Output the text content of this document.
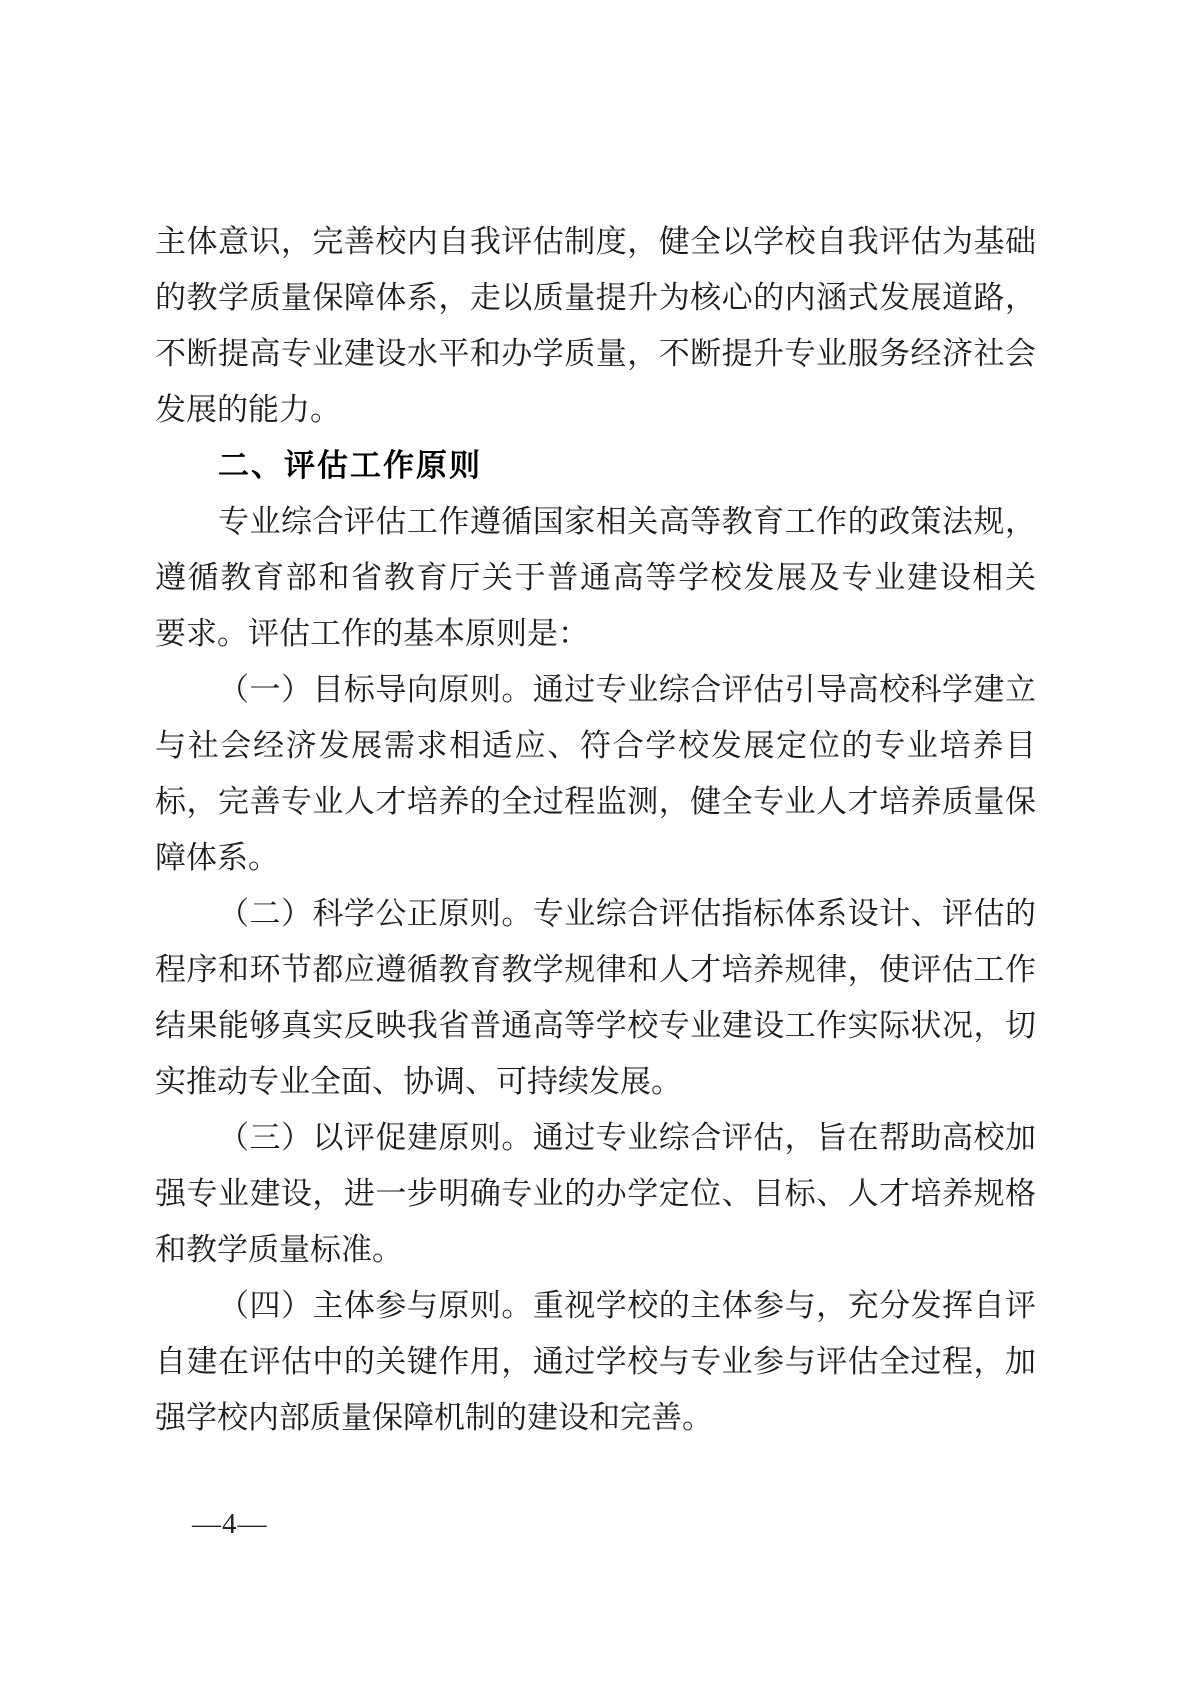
主体意识，完善校内自我评估制度，健全以学校自我评估为基础
的教学质量保障体系，走以质量提升为核心的内涵式发展道路，
不断提高专业建设水平和办学质量，不断提升专业服务经济社会
发展的能力。
二、评估工作原则
专业综合评估工作遵循国家相关高等教育工作的政策法规，
遵循教育部和省教育厅关于普通高等学校发展及专业建设相关
要求。评估工作的基本原则是：
（一）目标导向原则。通过专业综合评估引导高校科学建立
与社会经济发展需求相适应、符合学校发展定位的专业培养目
标，完善专业人才培养的全过程监测，健全专业人才培养质量保
障体系。
（二）科学公正原则。专业综合评估指标体系设计、评估的
程序和环节都应遵循教育教学规律和人才培养规律，使评估工作
结果能够真实反映我省普通高等学校专业建设工作实际状况，切
实推动专业全面、协调、可持续发展。
（三）以评促建原则。通过专业综合评估，旨在帮助高校加
强专业建设，进一步明确专业的办学定位、目标、人才培养规格
和教学质量标准。
（四）主体参与原则。重视学校的主体参与，充分发挥自评
自建在评估中的关键作用，通过学校与专业参与评估全过程，加
强学校内部质量保障机制的建设和完善。
—4—
